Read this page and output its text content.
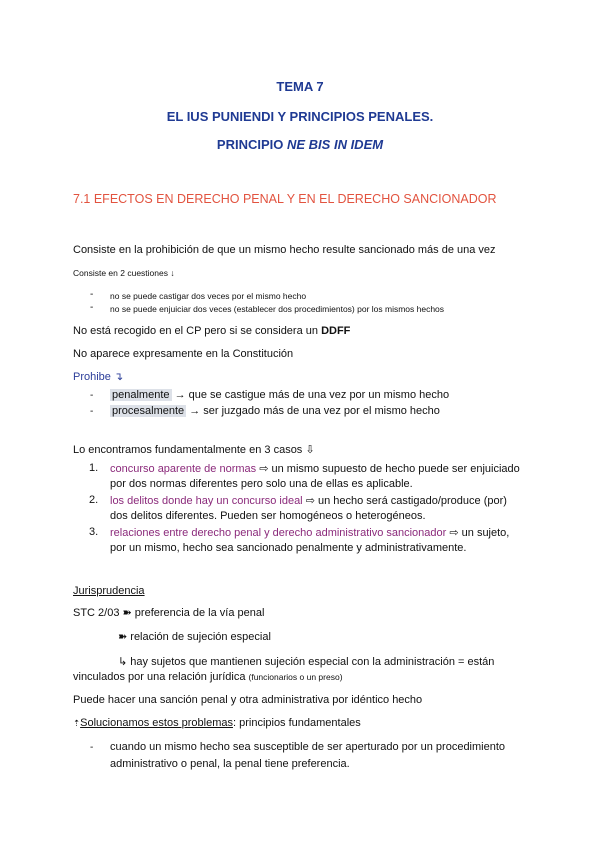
TEMA 7
EL IUS PUNIENDI Y PRINCIPIOS PENALES.
PRINCIPIO NE BIS IN IDEM
7.1 EFECTOS EN DERECHO PENAL Y EN EL DERECHO SANCIONADOR
Consiste en la prohibición de que un mismo hecho resulte sancionado más de una vez
Consiste en 2 cuestiones ↓
- no se puede castigar dos veces por el mismo hecho
- no se puede enjuiciar dos veces (establecer dos procedimientos) por los mismos hechos
No está recogido en el CP pero si se considera un DDFF
No aparece expresamente en la Constitución
Prohibe ↴
- penalmente → que se castigue más de una vez por un mismo hecho
- procesalmente → ser juzgado más de una vez por el mismo hecho
Lo encontramos fundamentalmente en 3 casos ⇩
1. concurso aparente de normas ⇨ un mismo supuesto de hecho puede ser enjuiciado
por dos normas diferentes pero solo una de ellas es aplicable.
2. los delitos donde hay un concurso ideal ⇨ un hecho será castigado/produce (por)
dos delitos diferentes. Pueden ser homogéneos o heterogéneos.
3. relaciones entre derecho penal y derecho administrativo sancionador ⇨ un sujeto,
por un mismo, hecho sea sancionado penalmente y administrativamente.
Jurisprudencia
STC 2/03 ➽ preferencia de la vía penal
➽ relación de sujeción especial
↳ hay sujetos que mantienen sujeción especial con la administración = están
vinculados por una relación jurídica (funcionarios o un preso)
Puede hacer una sanción penal y otra administrativa por idéntico hecho
⇡Solucionamos estos problemas: principios fundamentales
- cuando un mismo hecho sea susceptible de ser aperturado por un procedimiento
administrativo o penal, la penal tiene preferencia.
